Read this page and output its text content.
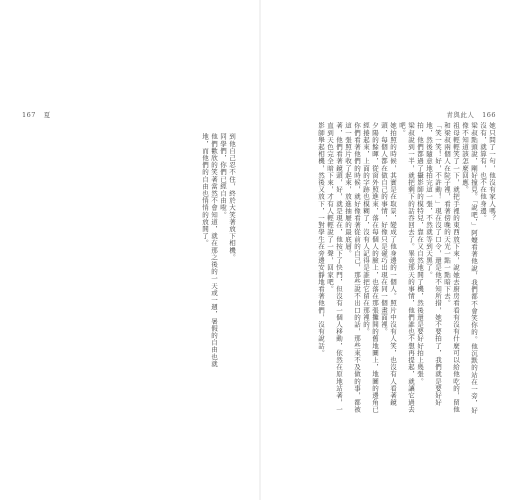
167 夏

到他自己忍不住，終於大笑著放下相機。

同學們，你們已經自由啦。

他們歡欣的笑著當然不會知道，就在那之後的一天或一週，暑假的自由也就

地，而他們的自由也悄悄的放開了。

青與此人 166

她只問了一句，他沒有家人嗎？

沒有，就算有，也不在他身邊。

梁叔點頭說，剛好撞見。「說吧，」阿嬤看著他說，我們都不會笑你的。他沉默的站在一旁，好像不知道該怎麼回應。

祖母輕輕笑了一下，就把手裡的東西放下來，說她去廚房看看有沒有什麼可以給他吃的，留他和梁叔兩個人在院子裡，看著傍晚的天光一點一點暗下去。

「笑一笑！好，不許動！」現在沒了口令，還是他不知所措，她不要拍了，我們就是要好好地，然後隨意地拍完這一張，不然就等到天黑了。

拍，他們都過了攝影師的模特兒，靠在又自然地開了機，然後還是要好好拍上幾張。

梁叔說到一半，就把剩下的話吞回去了。畢竟那天的事情，他們誰也不想再提起，就讓它過去吧。

她拍照的時候，其實是在取景，變成了他身邊的一個人。照片中沒有人笑，也沒有人看著鏡頭，每個人都在做自己的事情，好像只是碰巧出現在同一個畫面裡。

夕陽的餘暉，從窗外照進來，落在每個人的臉上，也落在那張攤開的舊地圖上，地圖的邊角已經捲起來，上面的字跡也模糊了，沒有人記得是誰把它留在那裡的。

你們看著他們的時候，就好像看著從前的自己，那些說不出口的話，那些來不及做的事，都被這一張照片收了起來，放進抽屜的最底層。

著，他們看著鏡頭，好，就是現在，他按下了快門，但沒有一個人移動，依然在原地站著，一直到天色完全暗下來，才有人輕輕說了一聲，回家吧。

影師舉起相機，然後又放下，一對學生在旁邊安靜地看著他們，沒有說話。
